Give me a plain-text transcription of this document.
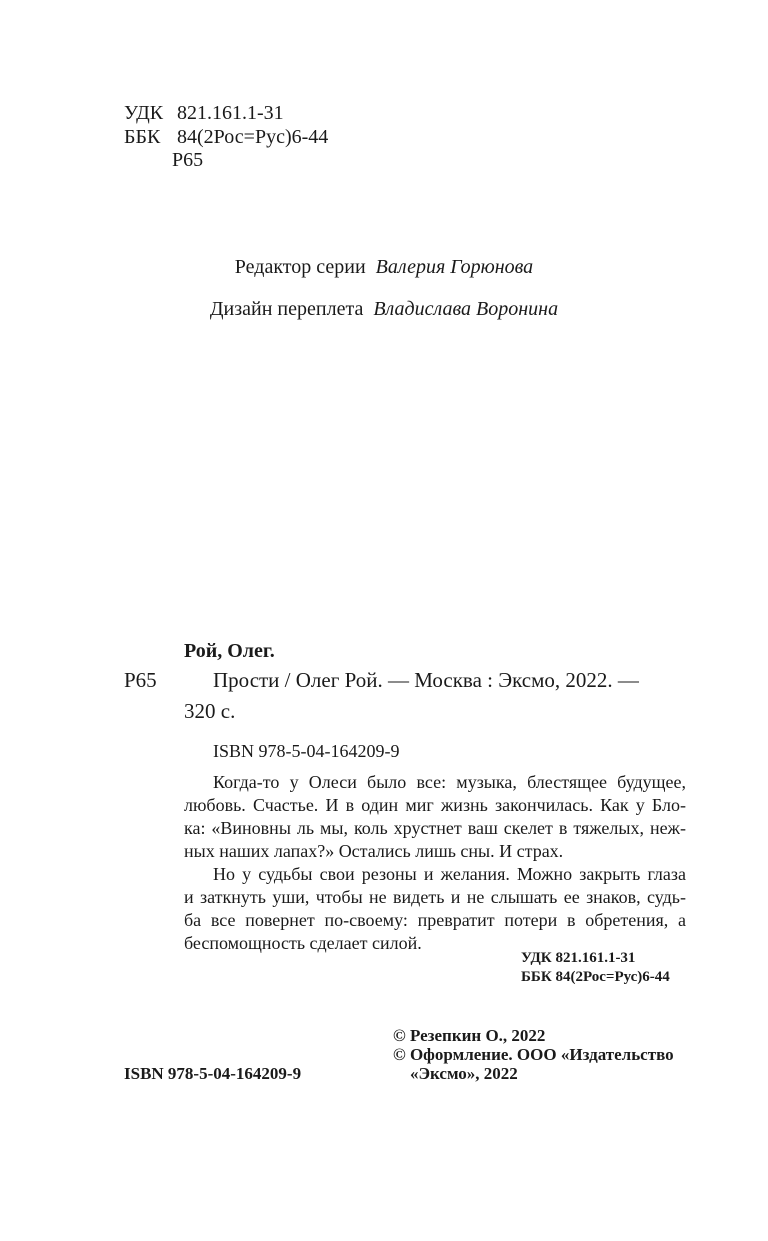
УДК 821.161.1-31
ББК 84(2Рос=Рус)6-44
Р65
Редактор серии Валерия Горюнова
Дизайн переплета Владислава Воронина
Рой, Олег.
Р65	Прости / Олег Рой. — Москва : Эксмо, 2022. —
320 с.
ISBN 978-5-04-164209-9
Когда-то у Олеси было все: музыка, блестящее будущее,
любовь. Счастье. И в один миг жизнь закончилась. Как у Бло-
ка: «Виновны ль мы, коль хрустнет ваш скелет в тяжелых, неж-
ных наших лапах?» Остались лишь сны. И страх.
Но у судьбы свои резоны и желания. Можно закрыть глаза
и заткнуть уши, чтобы не видеть и не слышать ее знаков, судь-
ба все повернет по-своему: превратит потери в обретения, а
беспомощность сделает силой.
УДК 821.161.1-31
ББК 84(2Рос=Рус)6-44
ISBN 978-5-04-164209-9
© Резепкин О., 2022
© Оформление. ООО «Издательство
«Эксмо», 2022
